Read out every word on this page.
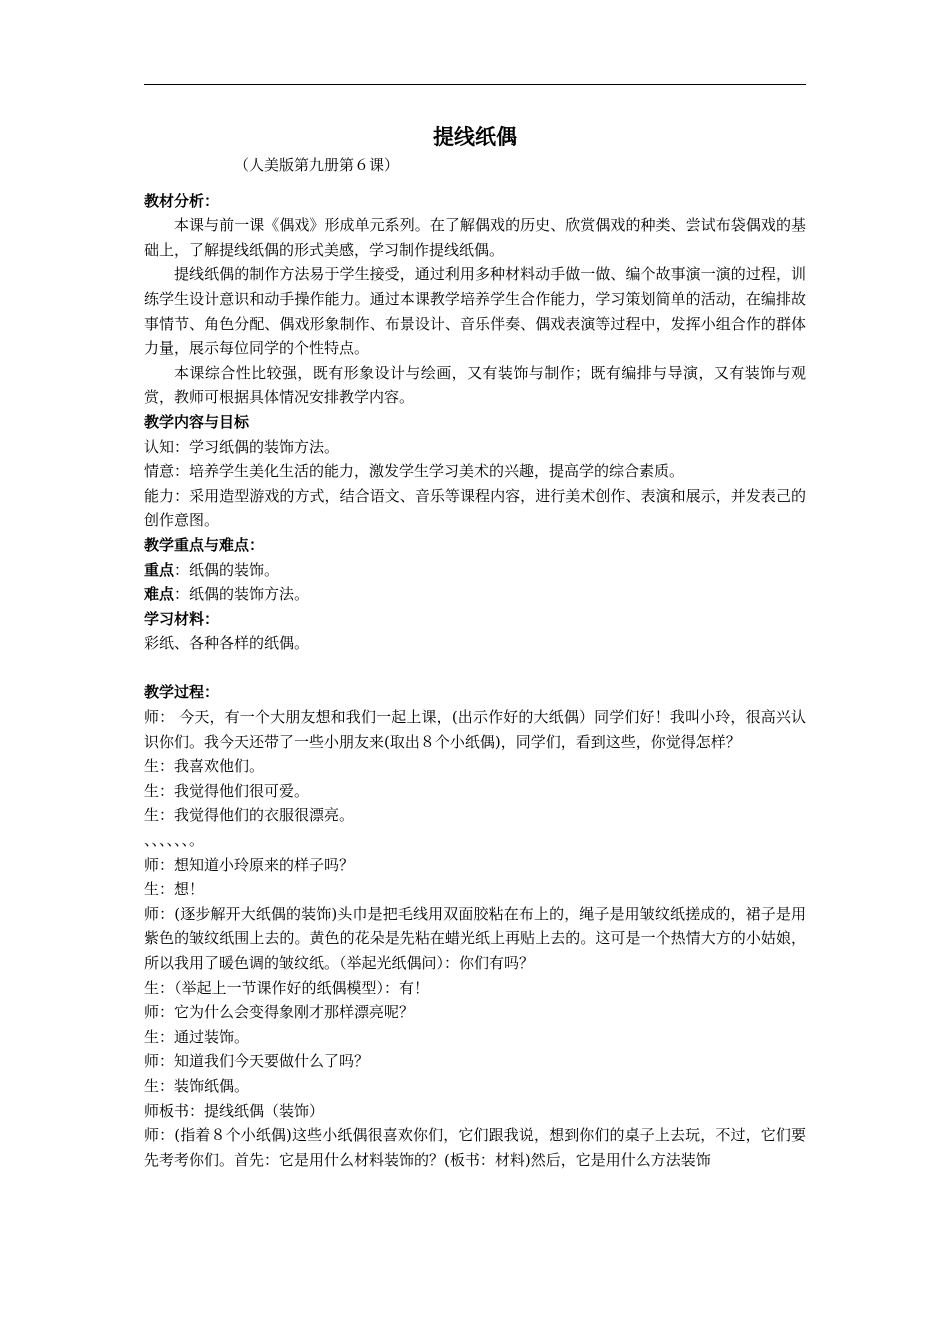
提线纸偶
（人美版第九册第６课）
教材分析：

本课与前一课《偶戏》形成单元系列。在了解偶戏的历史、欣赏偶戏的种类、尝试布袋偶戏的基础上，了解提线纸偶的形式美感，学习制作提线纸偶。

提线纸偶的制作方法易于学生接受，通过利用多种材料动手做一做、编个故事演一演的过程，训练学生设计意识和动手操作能力。通过本课教学培养学生合作能力，学习策划简单的活动，在编排故事情节、角色分配、偶戏形象制作、布景设计、音乐伴奏、偶戏表演等过程中，发挥小组合作的群体力量，展示每位同学的个性特点。

本课综合性比较强，既有形象设计与绘画，又有装饰与制作；既有编排与导演，又有装饰与观赏，教师可根据具体情况安排教学内容。

教学内容与目标

认知：学习纸偶的装饰方法。

情意：培养学生美化生活的能力，激发学生学习美术的兴趣，提高学的综合素质。

能力：采用造型游戏的方式，结合语文、音乐等课程内容，进行美术创作、表演和展示，并发表己的创作意图。

教学重点与难点：

重点：纸偶的装饰。

难点：纸偶的装饰方法。

学习材料：

彩纸、各种各样的纸偶。

教学过程：

师： 今天，有一个大朋友想和我们一起上课，(出示作好的大纸偶）同学们好！我叫小玲，很高兴认识你们。我今天还带了一些小朋友来(取出８个小纸偶)，同学们，看到这些，你觉得怎样？

生：我喜欢他们。

生：我觉得他们很可爱。

生：我觉得他们的衣服很漂亮。

、、、、、、。

师：想知道小玲原来的样子吗？

生：想！

师：(逐步解开大纸偶的装饰)头巾是把毛线用双面胶粘在布上的，绳子是用皱纹纸搓成的，裙子是用紫色的皱纹纸围上去的。黄色的花朵是先粘在蜡光纸上再贴上去的。这可是一个热情大方的小姑娘，所以我用了暖色调的皱纹纸。（举起光纸偶问）：你们有吗？

生：（举起上一节课作好的纸偶模型）：有！

师：它为什么会变得象刚才那样漂亮呢？

生：通过装饰。

师：知道我们今天要做什么了吗？

生：装饰纸偶。

师板书：提线纸偶（装饰）

师：(指着８个小纸偶)这些小纸偶很喜欢你们，它们跟我说，想到你们的桌子上去玩，不过，它们要先考考你们。首先：它是用什么材料装饰的？(板书：材料)然后，它是用什么方法装饰
